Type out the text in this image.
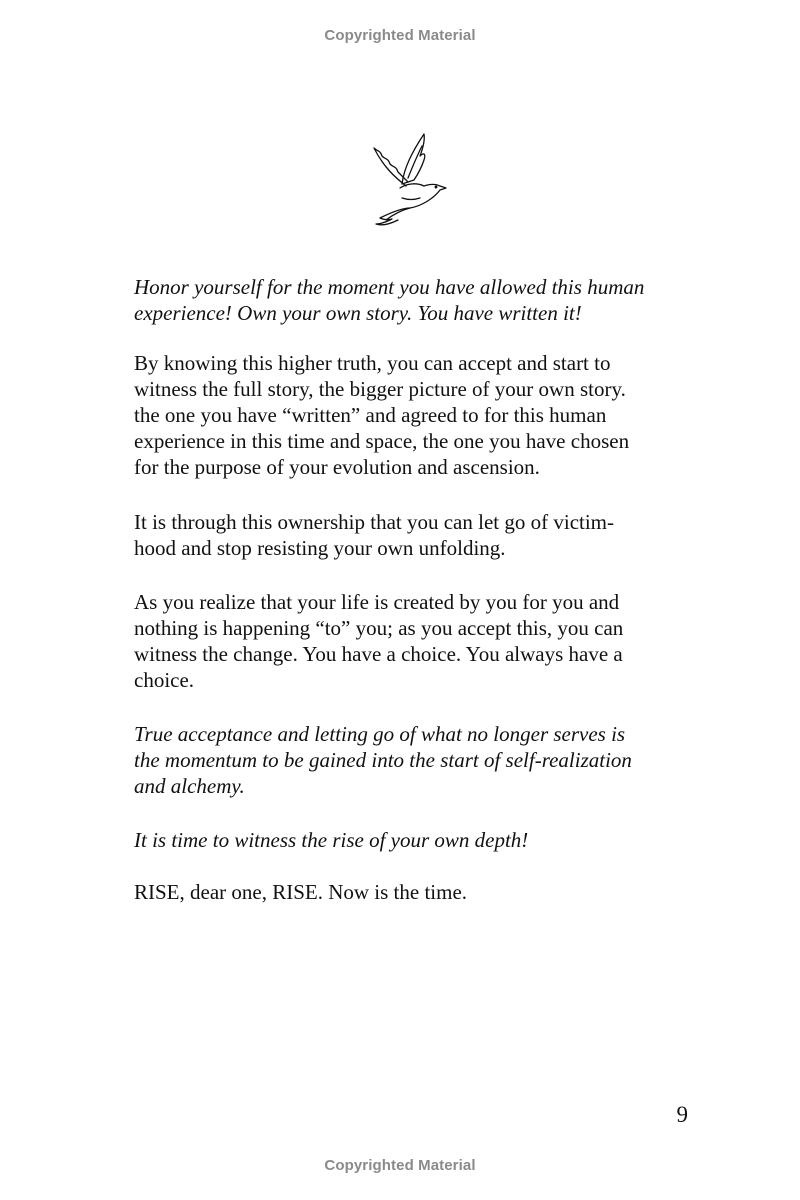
Copyrighted Material
Honor yourself for the moment you have allowed this human
experience! Own your own story. You have written it!
By knowing this higher truth, you can accept and start to
witness the full story, the bigger picture of your own story.
the one you have “written” and agreed to for this human
experience in this time and space, the one you have chosen
for the purpose of your evolution and ascension.
It is through this ownership that you can let go of victim-
hood and stop resisting your own unfolding.
As you realize that your life is created by you for you and
nothing is happening “to” you; as you accept this, you can
witness the change. You have a choice. You always have a
choice.
True acceptance and letting go of what no longer serves is
the momentum to be gained into the start of self-realization
and alchemy.
It is time to witness the rise of your own depth!
RISE, dear one, RISE. Now is the time.
9
Copyrighted Material
